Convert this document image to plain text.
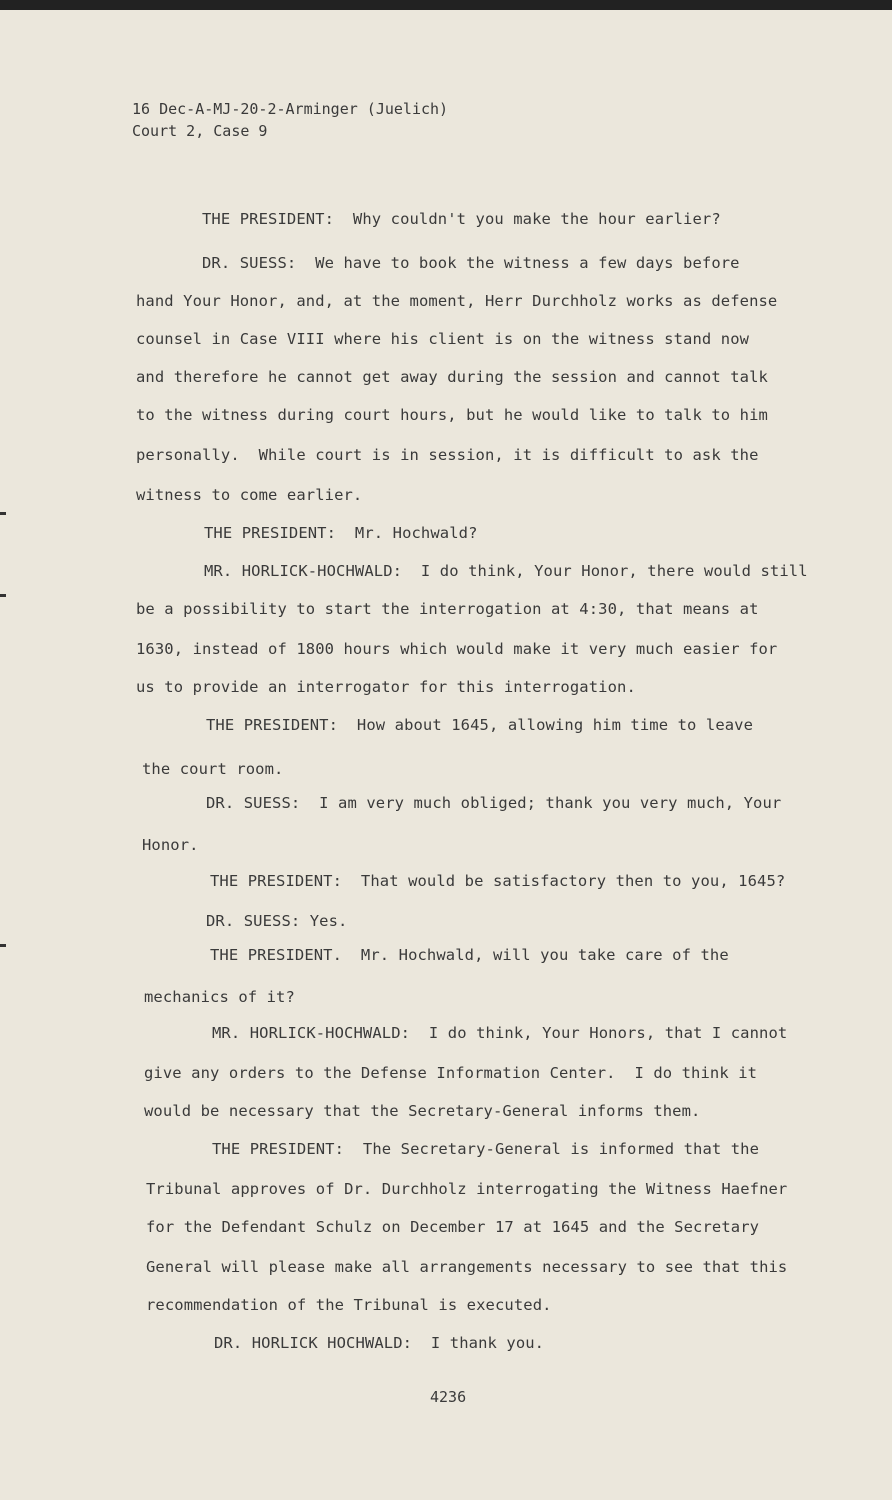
16 Dec-A-MJ-20-2-Arminger (Juelich)
Court 2, Case 9
THE PRESIDENT:  Why couldn't you make the hour earlier?
DR. SUESS:  We have to book the witness a few days before
hand Your Honor, and, at the moment, Herr Durchholz works as defense
counsel in Case VIII where his client is on the witness stand now
and therefore he cannot get away during the session and cannot talk
to the witness during court hours, but he would like to talk to him
personally.  While court is in session, it is difficult to ask the
witness to come earlier.
THE PRESIDENT:  Mr. Hochwald?
MR. HORLICK-HOCHWALD:  I do think, Your Honor, there would still
be a possibility to start the interrogation at 4:30, that means at
1630, instead of 1800 hours which would make it very much easier for
us to provide an interrogator for this interrogation.
THE PRESIDENT:  How about 1645, allowing him time to leave
the court room.
DR. SUESS:  I am very much obliged; thank you very much, Your
Honor.
THE PRESIDENT:  That would be satisfactory then to you, 1645?
DR. SUESS: Yes.
THE PRESIDENT.  Mr. Hochwald, will you take care of the
mechanics of it?
MR. HORLICK-HOCHWALD:  I do think, Your Honors, that I cannot
give any orders to the Defense Information Center.  I do think it
would be necessary that the Secretary-General informs them.
THE PRESIDENT:  The Secretary-General is informed that the
Tribunal approves of Dr. Durchholz interrogating the Witness Haefner
for the Defendant Schulz on December 17 at 1645 and the Secretary
General will please make all arrangements necessary to see that this
recommendation of the Tribunal is executed.
DR. HORLICK HOCHWALD:  I thank you.
4236
